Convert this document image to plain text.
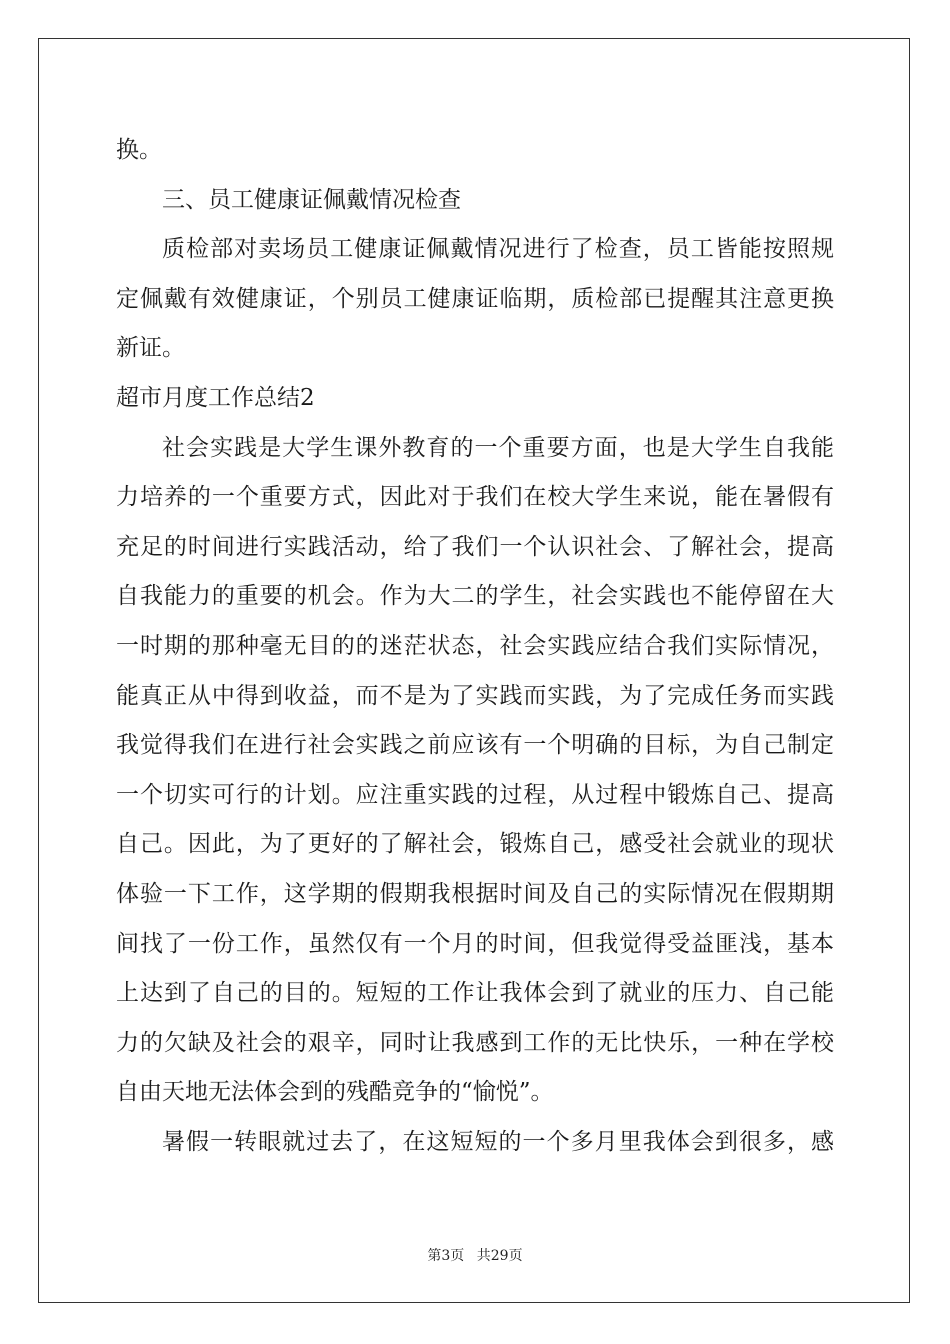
换。
三、员工健康证佩戴情况检查
质检部对卖场员工健康证佩戴情况进行了检查，员工皆能按照规
定佩戴有效健康证，个别员工健康证临期，质检部已提醒其注意更换
新证。
超市月度工作总结2
社会实践是大学生课外教育的一个重要方面，也是大学生自我能
力培养的一个重要方式，因此对于我们在校大学生来说，能在暑假有
充足的时间进行实践活动，给了我们一个认识社会、了解社会，提高
自我能力的重要的机会。作为大二的学生，社会实践也不能停留在大
一时期的那种毫无目的的迷茫状态，社会实践应结合我们实际情况，
能真正从中得到收益，而不是为了实践而实践，为了完成任务而实践
我觉得我们在进行社会实践之前应该有一个明确的目标，为自己制定
一个切实可行的计划。应注重实践的过程，从过程中锻炼自己、提高
自己。因此，为了更好的了解社会，锻炼自己，感受社会就业的现状
体验一下工作，这学期的假期我根据时间及自己的实际情况在假期期
间找了一份工作，虽然仅有一个月的时间，但我觉得受益匪浅，基本
上达到了自己的目的。短短的工作让我体会到了就业的压力、自己能
力的欠缺及社会的艰辛，同时让我感到工作的无比快乐，一种在学校
自由天地无法体会到的残酷竞争的“愉悦”。
暑假一转眼就过去了，在这短短的一个多月里我体会到很多，感
第3页 共29页
